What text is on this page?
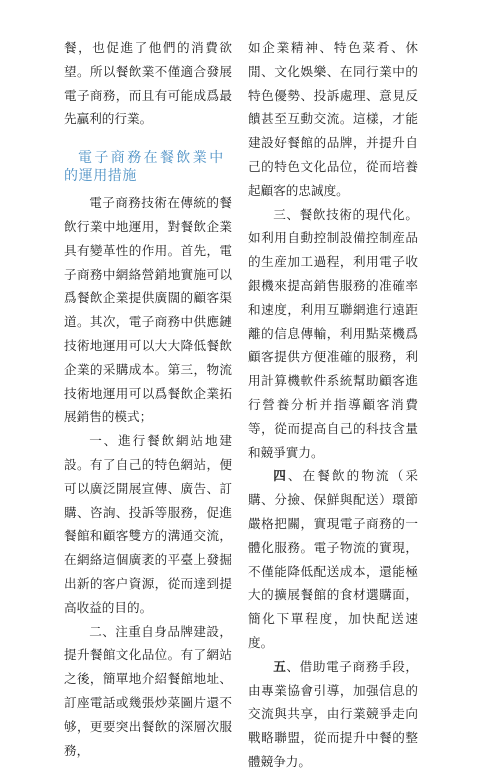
餐，也促進了他們的消費欲望。所以餐飲業不僅適合發展電子商務，而且有可能成爲最先贏利的行業。

電子商務在餐飲業中
的運用措施

電子商務技術在傳統的餐飲行業中地運用，對餐飲企業具有變革性的作用。首先，電子商務中網絡營銷地實施可以爲餐飲企業提供廣闊的顧客渠道。其次，電子商務中供應鏈技術地運用可以大大降低餐飲企業的采購成本。第三，物流技術地運用可以爲餐飲企業拓展銷售的模式；

一、進行餐飲網站地建設。有了自己的特色網站，便可以廣泛開展宣傳、廣告、訂購、咨詢、投訴等服務，促進餐館和顧客雙方的溝通交流，在網絡這個廣袤的平臺上發掘出新的客户資源，從而達到提高收益的目的。

二、注重自身品牌建設，提升餐館文化品位。有了網站之後，簡單地介紹餐館地址、訂座電話或幾張炒菜圖片還不够，更要突出餐飲的深層次服務，

如企業精神、特色菜肴、休閒、文化娛樂、在同行業中的特色優勢、投訴處理、意見反饋甚至互動交流。這樣，才能建設好餐館的品牌，并提升自己的特色文化品位，從而培養起顧客的忠誠度。

三、餐飲技術的現代化。如利用自動控制設備控制産品的生産加工過程，利用電子收銀機來提高銷售服務的准確率和速度，利用互聯網進行遠距離的信息傳輸，利用點菜機爲顧客提供方便准確的服務，利用計算機軟件系統幫助顧客進行營養分析并指導顧客消費等，從而提高自己的科技含量和競爭實力。

四、在餐飲的物流（采購、分撿、保鮮與配送）環節嚴格把關，實現電子商務的一體化服務。電子物流的實現，不僅能降低配送成本，還能極大的擴展餐館的食材選購面，簡化下單程度，加快配送速度。

五、借助電子商務手段，由專業協會引導，加强信息的交流與共享，由行業競爭走向戰略聯盟，從而提升中餐的整體競争力。
